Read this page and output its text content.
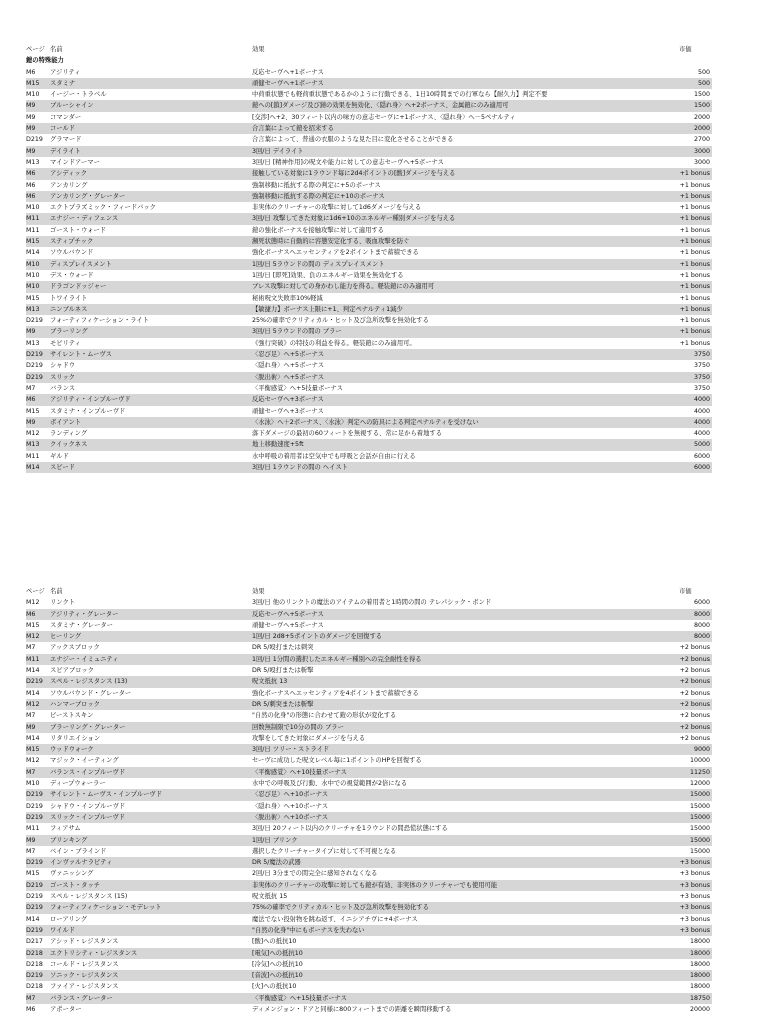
ページ 名前	効果	市価
鎧の特殊能力
M6	アジリティ	反応セーヴへ+1ボーナス	500
M15	スタミナ	頑健セーヴへ+1ボーナス	500
M10	イージー・トラベル	中荷重状態でも軽荷重状態であるかのように行動できる、1日10時間までの行軍なら【耐久力】判定不要	1500
M9	ブルーシャイン	鎧への[鎖]ダメージ及び錆の効果を無効化、〈隠れ身〉へ+2ボーナス、金属鎧にのみ適用可	1500
M9	コマンダー	[交渉]へ+2、30フィート以内の味方の意志セーヴに+1ボーナス、〈隠れ身〉へ－5ペナルティ	2000
M9	コールド	合言葉によって鎧を招来する	2000
D219	グラマード	合言葉によって、普通の衣服のような見た目に変化させることができる	2700
M9	デイライト	3回/日 デイライト	3000
M13	マインドアーマー	3回/日 [精神作用]の呪文や能力に対しての意志セーヴへ+5ボーナス	3000
M6	アシディック	接触している対象に1ラウンド毎に2d4ポイントの[酸]ダメージを与える	+1 bonus
M6	アンカリング	強制移動に抵抗する際の判定に+5のボーナス	+1 bonus
M6	アンカリング・グレーター	強制移動に抵抗する際の判定に+10のボーナス	+1 bonus
M10	エクトプラズミック・フィードバック	非実体のクリーチャーの攻撃に対して1d6ダメージを与える	+1 bonus
M11	エナジー・ディフェンス	3回/日 攻撃してきた対象に1d6+10のエネルギー種別ダメージを与える	+1 bonus
M11	ゴースト・ウォード	鎧の強化ボーナスを接触攻撃に対して適用する	+1 bonus
M15	スティプチック	瀕死状態時に自動的に容態安定化する、吸血攻撃を防ぐ	+1 bonus
M14	ソウルバウンド	強化ボーナスへエッセンティアを2ポイントまで蓄積できる	+1 bonus
M10	ディスプレイスメント	1回/日 5ラウンドの間の ディスプレイスメント	+1 bonus
M10	デス・ウォード	1回/日 [即死]効果、負のエネルギー効果を無効化する	+1 bonus
M10	ドラゴンドッジャー	ブレス攻撃に対しての身かわし能力を得る。軽装鎧にのみ適用可	+1 bonus
M15	トワイライト	秘術呪文失敗率10%軽減	+1 bonus
M13	ニンブルネス	【敏捷力】ボーナス上限に+1、判定ペナルティ1減少	+1 bonus
D219	フォーティフィケーション・ライト	25%の確率でクリティカル・ヒット及び急所攻撃を無効化する	+1 bonus
M9	ブラーリング	3回/日 5ラウンドの間の ブラー	+1 bonus
M13	モビリティ	《強行突破》の特技の利益を得る。軽装鎧にのみ適用可。	+1 bonus
D219	サイレント・ムーヴス	〈忍び足〉へ+5ボーナス	3750
D219	シャドウ	〈隠れ身〉へ+5ボーナス	3750
D219	スリック	〈脱出術〉へ+5ボーナス	3750
M7	バランス	〈平衡感覚〉へ+5技量ボーナス	3750
M6	アジリティ・インプルーヴド	反応セーヴへ+3ボーナス	4000
M15	スタミナ・インプルーヴド	頑健セーヴへ+3ボーナス	4000
M9	ボイアント	〈水泳〉へ＋2ボーナス、〈水泳〉判定への防具による判定ペナルティを受けない	4000
M12	ランディング	落下ダメージの最初の60フィートを無視する、常に足から着地する	4000
M13	クイックネス	地上移動速度+5ft	5000
M11	ギルド	水中呼吸の着用者は空気中でも呼吸と会話が自由に行える	6000
M14	スピード	3回/日 1ラウンドの間の ヘイスト	6000
ページ 名前	効果	市価
M12	リンクト	3回/日 他のリンクトの魔法のアイテムの着用者と1時間の間の テレパシック・ボンド	6000
M6	アジリティ・グレーター	反応セーヴへ+5ボーナス	8000
M15	スタミナ・グレーター	頑健セーヴへ+5ボーナス	8000
M12	ヒーリング	1回/日 2d8+5ポイントのダメージを回復する	8000
M7	アックスブロック	DR 5/殴打または刺突	+2 bonus
M11	エナジー・イミュニティ	1回/日 1分間の選択したエネルギー種別への完全耐性を得る	+2 bonus
M14	スピアブロック	DR 5/殴打または斬撃	+2 bonus
D219	スペル・レジスタンス (13)	呪文抵抗 13	+2 bonus
M14	ソウルバウンド・グレーター	強化ボーナスへエッセンティアを4ポイントまで蓄積できる	+2 bonus
M12	ハンマーブロック	DR 5/刺突または斬撃	+2 bonus
M7	ビーストスキン	"自然の化身"の形態に合わせて鎧の形状が変化する	+2 bonus
M9	ブラーリング・グレーター	回数無制限で10分の間の ブラー	+2 bonus
M14	リタリエイション	攻撃をしてきた対象にダメージを与える	+2 bonus
M15	ウッドウォーク	3回/日 ツリー・ストライド	9000
M12	マジック・イーティング	セーヴに成功した呪文レベル毎に1ポイントのHPを回復する	10000
M7	バランス・インプルーヴド	〈平衡感覚〉へ+10技量ボーナス	11250
M10	ディープウォーラー	水中での呼吸及び行動、水中での視覚範囲が2倍になる	12000
D219	サイレント・ムーヴス・インプルーヴド	〈忍び足〉へ+10ボーナス	15000
D219	シャドウ・インプルーヴド	〈隠れ身〉へ+10ボーナス	15000
D219	スリック・インプルーヴド	〈脱出術〉へ+10ボーナス	15000
M11	フィアサム	3回/日 20フィート以内のクリーチャを1ラウンドの間恐慌状態にする	15000
M9	ブリンキング	1回/日 ブリンク	15000
M7	ベイン・ブラインド	選択したクリーチャータイプに対して不可視となる	15000
D219	インヴァルナラビティ	DR 5/魔法の武器	+3 bonus
M15	ヴァニッシング	2回/日 3分までの間完全に感知されなくなる	+3 bonus
D219	ゴースト・タッチ	非実体のクリーチャーの攻撃に対しても鎧が有効、非実体のクリーチャーでも使用可能	+3 bonus
D219	スペル・レジスタンス (15)	呪文抵抗 15	+3 bonus
D219	フォーティフィケーション・モデレット	75%の確率でクリティカル・ヒット及び急所攻撃を無効化する	+3 bonus
M14	ローアリング	魔法でない投射物を跳ね返す、イニシアチヴに+4ボーナス	+3 bonus
D219	ワイルド	"自然の化身"中にもボーナスを失わない	+3 bonus
D217	アシッド・レジスタンス	[酸]への抵抗10	18000
D218	エクトリシティ・レジスタンス	[電気]への抵抗10	18000
D218	コールド・レジスタンス	[冷気]への抵抗10	18000
D219	ソニック・レジスタンス	[音波]への抵抗10	18000
D218	ファイア・レジスタンス	[火]への抵抗10	18000
M7	バランス・グレーター	〈平衡感覚〉へ+15技量ボーナス	18750
M6	アポーター	ディメンジョン・ドアと同様に800フィートまでの距離を瞬間移動する	20000
